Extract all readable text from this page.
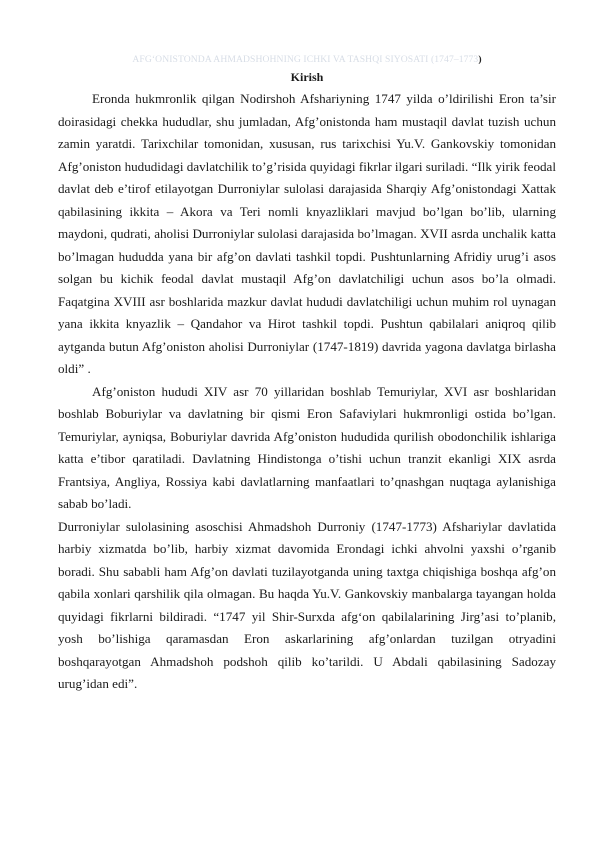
AFG‘ONISTONDA AHMADSHOHNING ICHKI VA TASHQI SIYOSATI (1747–1773)
Kirish

Eronda hukmronlik qilgan Nodirshoh Afshariyning 1747 yilda o’ldirilishi Eron ta’sir doirasidagi chekka hududlar, shu jumladan, Afg’onistonda ham mustaqil davlat tuzish uchun zamin yaratdi. Tarixchilar tomonidan, xususan, rus tarixchisi Yu.V. Gankovskiy tomonidan Afg’oniston hududidagi davlatchilik to’g’risida quyidagi fikrlar ilgari suriladi. “Ilk yirik feodal davlat deb e’tirof etilayotgan Durroniylar sulolasi darajasida Sharqiy Afg’onistondagi Xattak qabilasining ikkita – Akora va Teri nomli knyazliklari mavjud bo’lgan bo’lib, ularning maydoni, qudrati, aholisi Durroniylar sulolasi darajasida bo’lmagan. XVII asrda unchalik katta bo’lmagan hududda yana bir afg’on davlati tashkil topdi. Pushtunlarning Afridiy urug’i asos solgan bu kichik feodal davlat mustaqil Afg’on davlatchiligi uchun asos bo’la olmadi. Faqatgina XVIII asr boshlarida mazkur davlat hududi davlatchiligi uchun muhim rol uynagan yana ikkita knyazlik – Qandahor va Hirot tashkil topdi. Pushtun qabilalari aniqroq qilib aytganda butun Afg’oniston aholisi Durroniylar (1747-1819) davrida yagona davlatga birlasha oldi” .

Afg’oniston hududi XIV asr 70 yillaridan boshlab Temuriylar, XVI asr boshlaridan boshlab Boburiylar va davlatning bir qismi Eron Safaviylari hukmronligi ostida bo’lgan. Temuriylar, ayniqsa, Boburiylar davrida Afg’oniston hududida qurilish obodonchilik ishlariga katta e’tibor qaratiladi. Davlatning Hindistonga o’tishi uchun tranzit ekanligi XIX asrda Frantsiya, Angliya, Rossiya kabi davlatlarning manfaatlari to’qnashgan nuqtaga aylanishiga sabab bo’ladi.

Durroniylar sulolasining asoschisi Ahmadshoh Durroniy (1747-1773) Afshariylar davlatida harbiy xizmatda bo’lib, harbiy xizmat davomida Erondagi ichki ahvolni yaxshi o’rganib boradi. Shu sababli ham Afg’on davlati tuzilayotganda uning taxtga chiqishiga boshqa afg’on qabila xonlari qarshilik qila olmagan. Bu haqda Yu.V. Gankovskiy manbalarga tayangan holda quyidagi fikrlarni bildiradi. “1747 yil Shir-Surxda afg‘on qabilalarining Jirg’asi to’planib, yosh bo’lishiga qaramasdan Eron askarlarining afg’onlardan tuzilgan otryadini boshqarayotgan Ahmadshoh podshoh qilib ko’tarildi. U Abdali qabilasining Sadozay urug’idan edi”.
